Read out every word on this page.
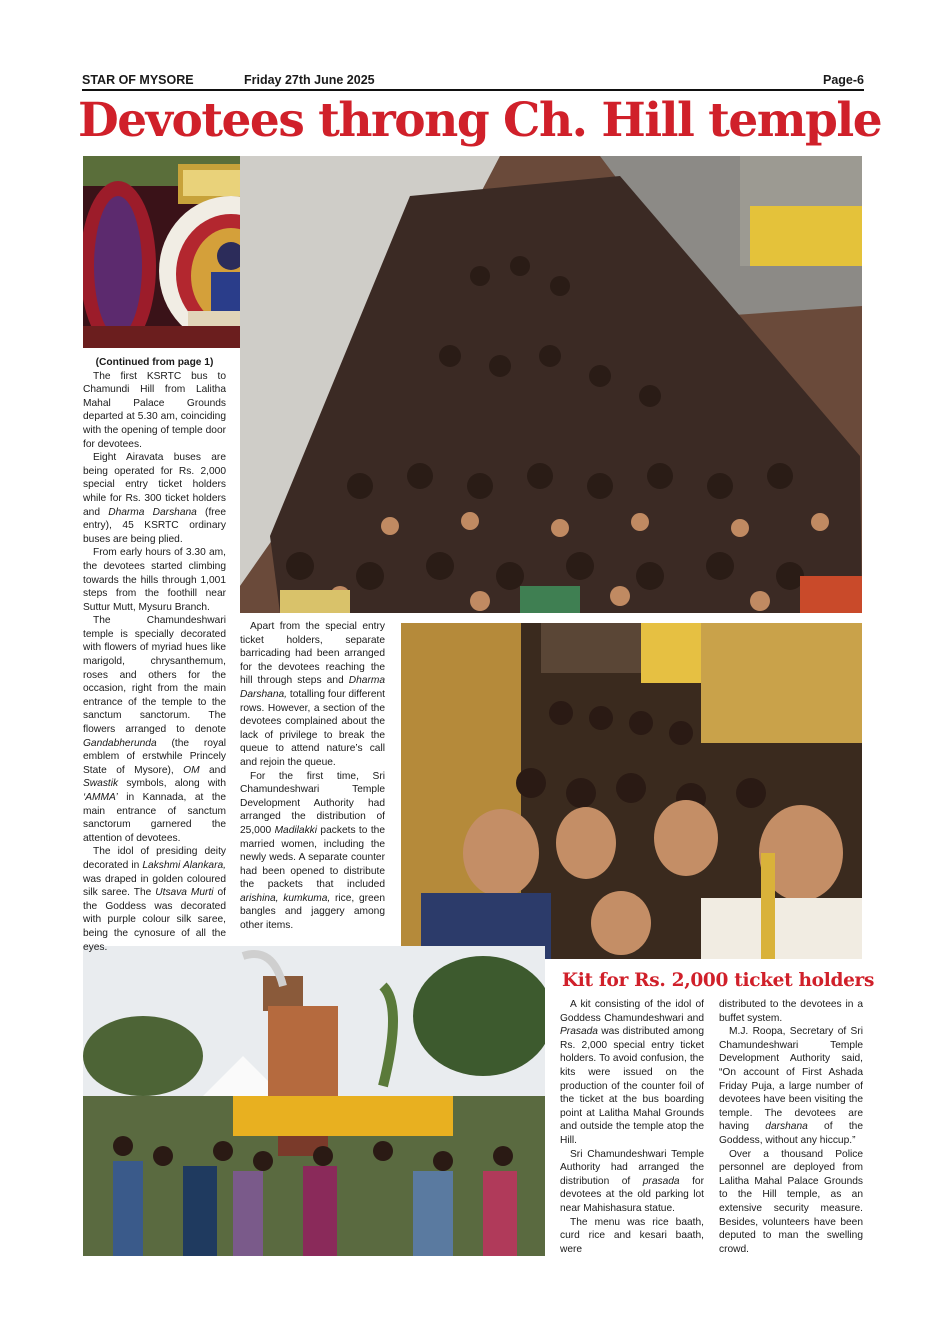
STAR OF MYSORE	Friday 27th June 2025	Page-6
Devotees throng Ch. Hill temple

(Continued from page 1)

The first KSRTC bus to Chamundi Hill from Lalitha Mahal Palace Grounds departed at 5.30 am, coinciding with the opening of temple door for devotees.

Eight Airavata buses are being operated for Rs. 2,000 special entry ticket holders while for Rs. 300 ticket holders and Dharma Darshana (free entry), 45 KSRTC ordinary buses are being plied.

From early hours of 3.30 am, the devotees started climbing towards the hills through 1,001 steps from the foothill near Suttur Mutt, Mysuru Branch.

The Chamundeshwari temple is specially decorated with flowers of myriad hues like marigold, chrysanthemum, roses and others for the occasion, right from the main entrance of the temple to the sanctum sanctorum. The flowers arranged to denote Gandabherunda (the royal emblem of erstwhile Princely State of Mysore), OM and Swastik symbols, along with ‘AMMA’ in Kannada, at the main entrance of sanctum sanctorum garnered the attention of devotees.

The idol of presiding deity decorated in Lakshmi Alankara, was draped in golden coloured silk saree. The Utsava Murti of the Goddess was decorated with purple colour silk saree, being the cynosure of all the eyes.

Apart from the special entry ticket holders, separate barricading had been arranged for the devotees reaching the hill through steps and Dharma Darshana, totalling four different rows. However, a section of the devotees complained about the lack of privilege to break the queue to attend nature’s call and rejoin the queue.

For the first time, Sri Chamundeshwari Temple Development Authority had arranged the distribution of 25,000 Madilakki packets to the married women, including the newly weds. A separate counter had been opened to distribute the packets that included arishina, kumkuma, rice, green bangles and jaggery among other items.

Kit for Rs. 2,000 ticket holders

A kit consisting of the idol of Goddess Chamundeshwari and Prasada was distributed among Rs. 2,000 special entry ticket holders. To avoid confusion, the kits were issued on the production of the counter foil of the ticket at the bus boarding point at Lalitha Mahal Grounds and outside the temple atop the Hill.

Sri Chamundeshwari Temple Authority had arranged the distribution of prasada for devotees at the old parking lot near Mahishasura statue.

The menu was rice baath, curd rice and kesari baath, were

distributed to the devotees in a buffet system.

M.J. Roopa, Secretary of Sri Chamundeshwari Temple Development Authority said, “On account of First Ashada Friday Puja, a large number of devotees have been visiting the temple. The devotees are having darshana of the Goddess, without any hiccup.”

Over a thousand Police personnel are deployed from Lalitha Mahal Palace Grounds to the Hill temple, as an extensive security measure. Besides, volunteers have been deputed to man the swelling crowd.
